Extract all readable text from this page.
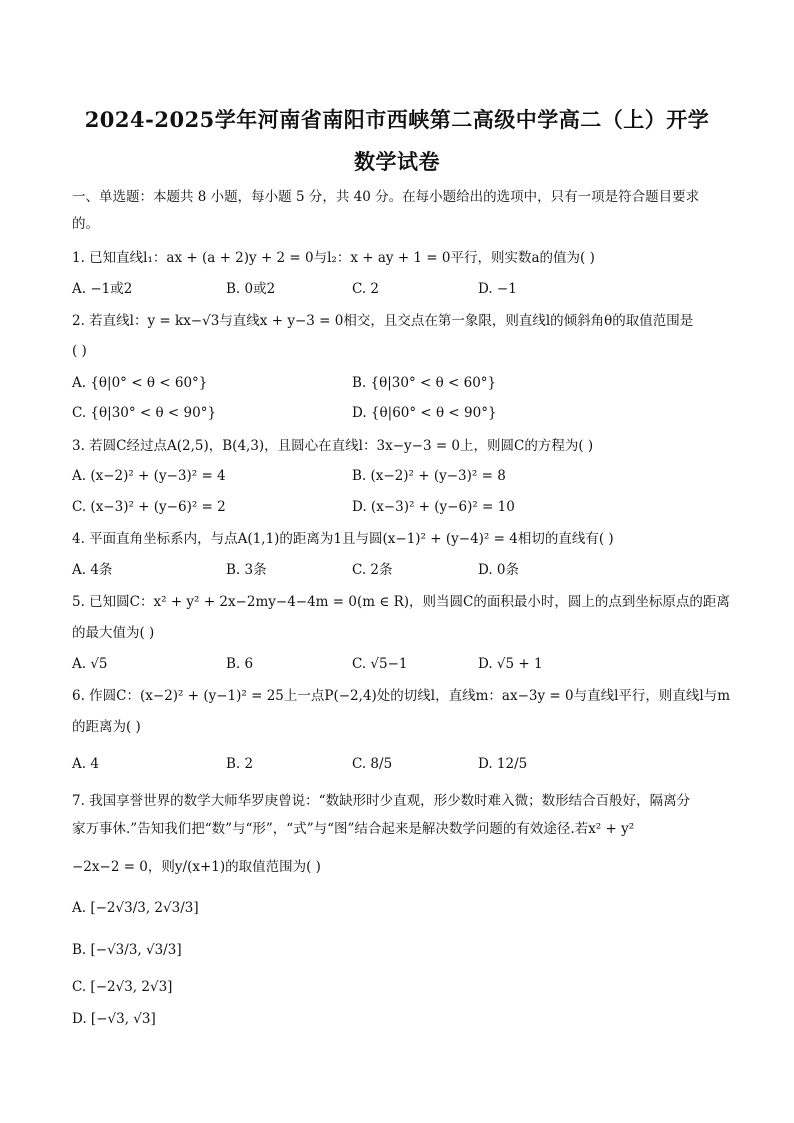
2024-2025学年河南省南阳市西峡第二高级中学高二（上）开学
数学试卷
一、单选题：本题共 8 小题，每小题 5 分，共 40 分。在每小题给出的选项中，只有一项是符合题目要求
的。
1. 已知直线l₁：ax + (a + 2)y + 2 = 0与l₂：x + ay + 1 = 0平行，则实数a的值为( )
A. −1或2	B. 0或2	C. 2	D. −1
2. 若直线l：y = kx−√3与直线x + y−3 = 0相交，且交点在第一象限，则直线l的倾斜角θ的取值范围是
( )
A. {θ|0° < θ < 60°}	B. {θ|30° < θ < 60°}
C. {θ|30° < θ < 90°}	D. {θ|60° < θ < 90°}
3. 若圆C经过点A(2,5)，B(4,3)，且圆心在直线l：3x−y−3 = 0上，则圆C的方程为( )
A. (x−2)² + (y−3)² = 4	B. (x−2)² + (y−3)² = 8
C. (x−3)² + (y−6)² = 2	D. (x−3)² + (y−6)² = 10
4. 平面直角坐标系内，与点A(1,1)的距离为1且与圆(x−1)² + (y−4)² = 4相切的直线有( )
A. 4条	B. 3条	C. 2条	D. 0条
5. 已知圆C：x² + y² + 2x−2my−4−4m = 0(m ∈ R)，则当圆C的面积最小时，圆上的点到坐标原点的距离
的最大值为( )
A. √5	B. 6	C. √5−1	D. √5 + 1
6. 作圆C：(x−2)² + (y−1)² = 25上一点P(−2,4)处的切线l，直线m：ax−3y = 0与直线l平行，则直线l与m
的距离为( )
A. 4	B. 2	C. 8/5	D. 12/5
7. 我国享誉世界的数学大师华罗庚曾说：“数缺形时少直观，形少数时难入微；数形结合百般好，隔离分
家万事休.”告知我们把“数”与“形”，“式”与“图”结合起来是解决数学问题的有效途径.若x² + y²
−2x−2 = 0，则y/(x+1)的取值范围为( )
A. [−2√3/3, 2√3/3]
B. [−√3/3, √3/3]
C. [−2√3, 2√3]
D. [−√3, √3]
